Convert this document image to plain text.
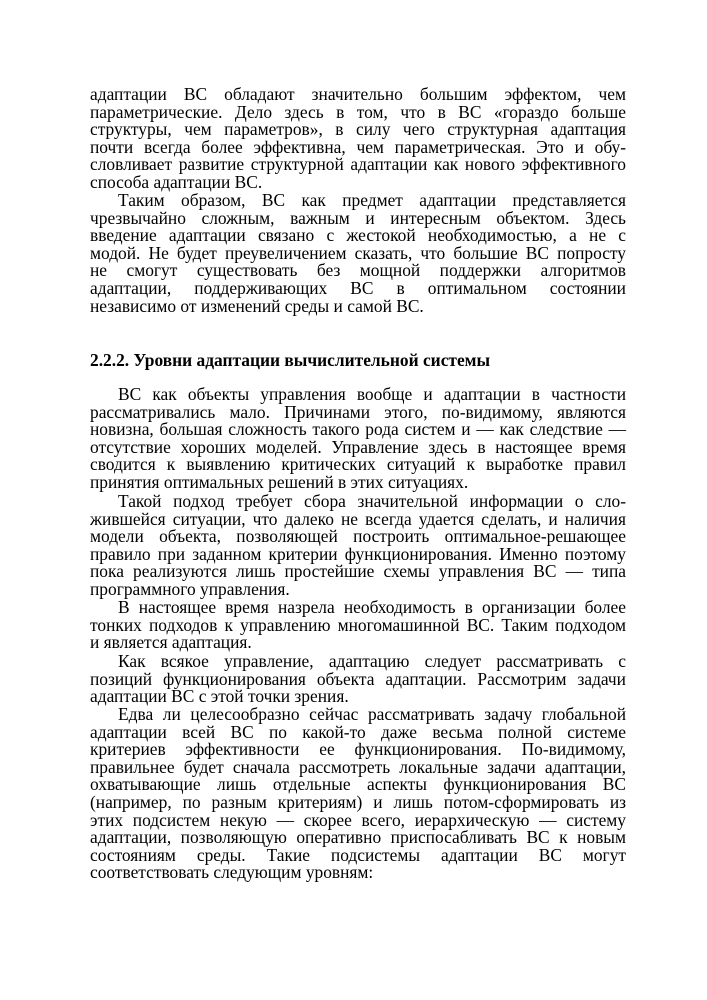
адаптации ВС обладают значительно большим эффектом, чем
параметрические. Дело здесь в том, что в ВС «гораздо больше
структуры, чем параметров», в силу чего структурная адаптация
почти всегда более эффективна, чем параметрическая. Это и обу-
словливает развитие структурной адаптации как нового эффективного
способа адаптации ВС.
Таким образом, ВС как предмет адаптации представляется
чрезвычайно сложным, важным и интересным объектом. Здесь
введение адаптации связано с жестокой необходимостью, а не с
модой. Не будет преувеличением сказать, что большие ВС попросту
не смогут существовать без мощной поддержки алгоритмов
адаптации, поддерживающих ВС в оптимальном состоянии
независимо от изменений среды и самой ВС.
2.2.2. Уровни адаптации вычислительной системы
ВС как объекты управления вообще и адаптации в частности
рассматривались мало. Причинами этого, по-видимому, являются
новизна, большая сложность такого рода систем и — как следствие —
отсутствие хороших моделей. Управление здесь в настоящее время
сводится к выявлению критических ситуаций к выработке правил
принятия оптимальных решений в этих ситуациях.
Такой подход требует сбора значительной информации о сло-
жившейся ситуации, что далеко не всегда удается сделать, и наличия
модели объекта, позволяющей построить оптимальное-решающее
правило при заданном критерии функционирования. Именно поэтому
пока реализуются лишь простейшие схемы управления ВС — типа
программного управления.
В настоящее время назрела необходимость в организации более
тонких подходов к управлению многомашинной ВС. Таким подходом
и является адаптация.
Как всякое управление, адаптацию следует рассматривать с
позиций функционирования объекта адаптации. Рассмотрим задачи
адаптации ВС с этой точки зрения.
Едва ли целесообразно сейчас рассматривать задачу глобальной
адаптации всей ВС по какой-то даже весьма полной системе
критериев эффективности ее функционирования. По-видимому,
правильнее будет сначала рассмотреть локальные задачи адаптации,
охватывающие лишь отдельные аспекты функционирования ВС
(например, по разным критериям) и лишь потом-сформировать из
этих подсистем некую — скорее всего, иерархическую — систему
адаптации, позволяющую оперативно приспосабливать ВС к новым
состояниям среды. Такие подсистемы адаптации ВС могут
соответствовать следующим уровням:
